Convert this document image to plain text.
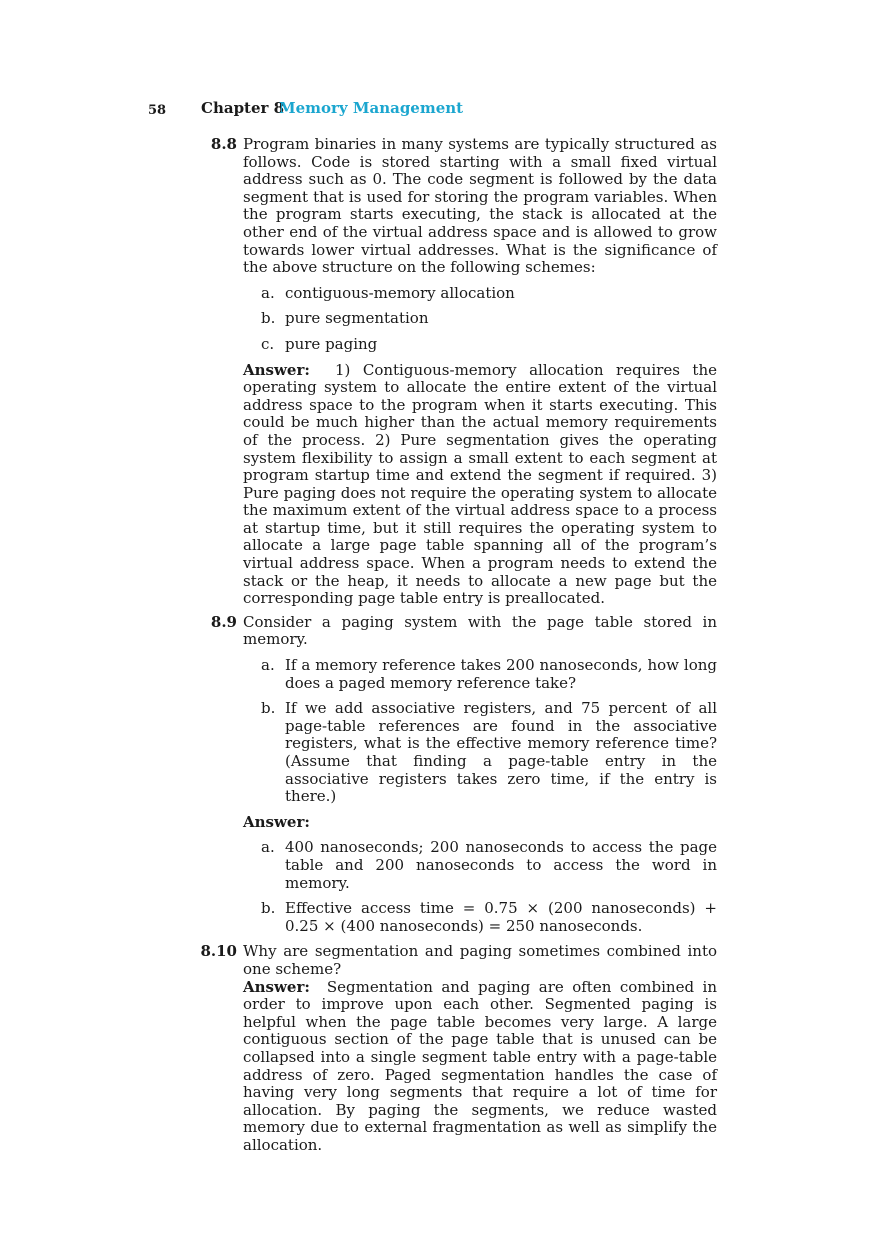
58 Chapter 8
Memory Management
8.8 Program binaries in many systems are typically structured as follows. Code is stored starting with a small fixed virtual address such as 0. The code segment is followed by the data segment that is used for storing the program variables. When the program starts executing, the stack is allocated at the other end of the virtual address space and is allowed to grow towards lower virtual addresses. What is the significance of the above structure on the following schemes:

a. contiguous-memory allocation
b. pure segmentation
c. pure paging

Answer: 1) Contiguous-memory allocation requires the operating system to allocate the entire extent of the virtual address space to the program when it starts executing. This could be much higher than the actual memory requirements of the process. 2) Pure segmentation gives the operating system flexibility to assign a small extent to each segment at program startup time and extend the segment if required. 3) Pure paging does not require the operating system to allocate the maximum extent of the virtual address space to a process at startup time, but it still requires the operating system to allocate a large page table spanning all of the program’s virtual address space. When a program needs to extend the stack or the heap, it needs to allocate a new page but the corresponding page table entry is preallocated.

8.9 Consider a paging system with the page table stored in memory.

a. If a memory reference takes 200 nanoseconds, how long does a paged memory reference take?
b. If we add associative registers, and 75 percent of all page-table references are found in the associative registers, what is the effective memory reference time? (Assume that finding a page-table entry in the associative registers takes zero time, if the entry is there.)

Answer:

a. 400 nanoseconds; 200 nanoseconds to access the page table and 200 nanoseconds to access the word in memory.
b. Effective access time = 0.75 × (200 nanoseconds) + 0.25 × (400 nanoseconds) = 250 nanoseconds.
8.10 Why are segmentation and paging sometimes combined into one scheme?

Answer: Segmentation and paging are often combined in order to improve upon each other. Segmented paging is helpful when the page table becomes very large. A large contiguous section of the page table that is unused can be collapsed into a single segment table entry with a page-table address of zero. Paged segmentation handles the case of having very long segments that require a lot of time for allocation. By paging the segments, we reduce wasted memory due to external fragmentation as well as simplify the allocation.
